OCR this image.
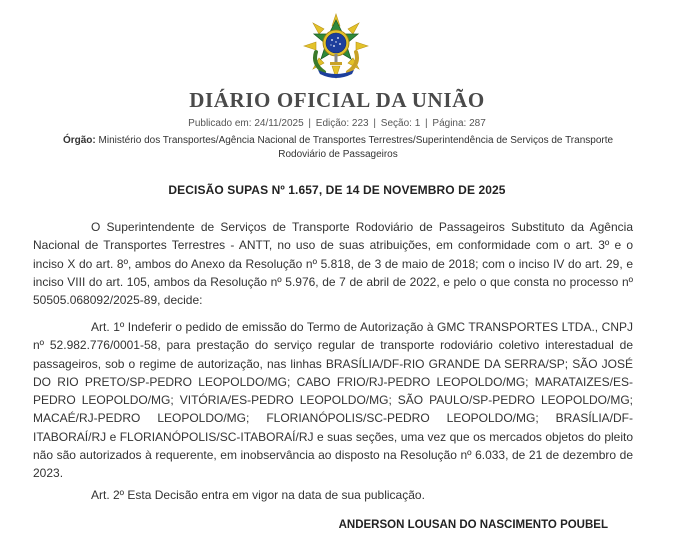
DIÁRIO OFICIAL DA UNIÃO
Publicado em: 24/11/2025 | Edição: 223 | Seção: 1 | Página: 287
Órgão: Ministério dos Transportes/Agência Nacional de Transportes Terrestres/Superintendência de Serviços de Transporte Rodoviário de Passageiros
DECISÃO SUPAS Nº 1.657, DE 14 DE NOVEMBRO DE 2025

O Superintendente de Serviços de Transporte Rodoviário de Passageiros Substituto da Agência Nacional de Transportes Terrestres - ANTT, no uso de suas atribuições, em conformidade com o art. 3º e o inciso X do art. 8º, ambos do Anexo da Resolução nº 5.818, de 3 de maio de 2018; com o inciso IV do art. 29, e inciso VIII do art. 105, ambos da Resolução nº 5.976, de 7 de abril de 2022, e pelo o que consta no processo nº 50505.068092/2025-89, decide:

Art. 1º Indeferir o pedido de emissão do Termo de Autorização à GMC TRANSPORTES LTDA., CNPJ nº 52.982.776/0001-58, para prestação do serviço regular de transporte rodoviário coletivo interestadual de passageiros, sob o regime de autorização, nas linhas BRASÍLIA/DF-RIO GRANDE DA SERRA/SP; SÃO JOSÉ DO RIO PRETO/SP-PEDRO LEOPOLDO/MG; CABO FRIO/RJ-PEDRO LEOPOLDO/MG; MARATAIZES/ES-PEDRO LEOPOLDO/MG; VITÓRIA/ES-PEDRO LEOPOLDO/MG; SÃO PAULO/SP-PEDRO LEOPOLDO/MG; MACAÉ/RJ-PEDRO LEOPOLDO/MG; FLORIANÓPOLIS/SC-PEDRO LEOPOLDO/MG; BRASÍLIA/DF-ITABORAÍ/RJ e FLORIANÓPOLIS/SC-ITABORAÍ/RJ e suas seções, uma vez que os mercados objetos do pleito não são autorizados à requerente, em inobservância ao disposto na Resolução nº 6.033, de 21 de dezembro de 2023.

Art. 2º Esta Decisão entra em vigor na data de sua publicação.

ANDERSON LOUSAN DO NASCIMENTO POUBEL
